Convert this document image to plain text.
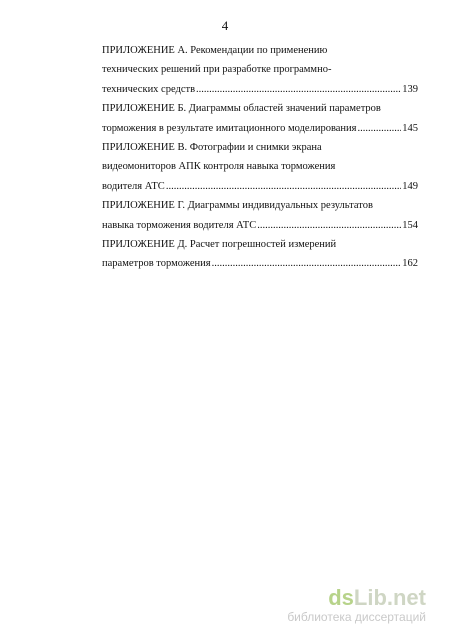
4
ПРИЛОЖЕНИЕ А. Рекомендации по применению
технических решений при разработке программно-
технических средств .....	139
ПРИЛОЖЕНИЕ Б. Диаграммы областей значений параметров
торможения в результате имитационного моделирования .....	145
ПРИЛОЖЕНИЕ В. Фотографии и снимки экрана
видеомониторов АПК контроля навыка торможения
водителя АТС .....	149
ПРИЛОЖЕНИЕ Г. Диаграммы индивидуальных результатов
навыка торможения водителя АТС .....	154
ПРИЛОЖЕНИЕ Д. Расчет погрешностей измерений
параметров торможения .....	162
dsLib.net
библиотека диссертаций
